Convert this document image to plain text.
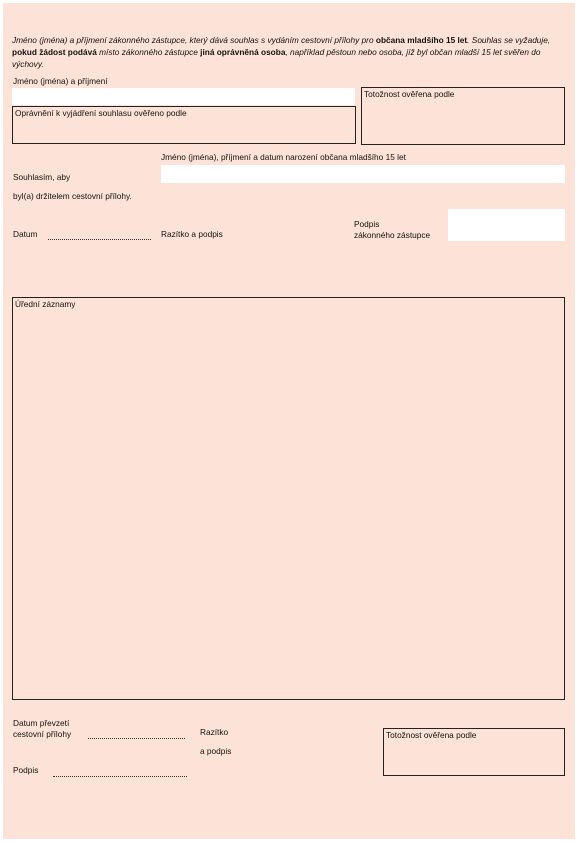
Jméno (jména) a příjmení zákonného zástupce, který dává souhlas s vydáním cestovní přílohy pro občana mladšího 15 let. Souhlas se vyžaduje, pokud žádost podává místo zákonného zástupce jiná oprávněná osoba, například pěstoun nebo osoba, jíž byl občan mladší 15 let svěřen do výchovy.
Jméno (jména) a příjmení
Oprávnění k vyjádření souhlasu ověřeno podle
Totožnost ověřena podle
Jméno (jména), příjmení a datum narození občana mladšího 15 let
Souhlasím, aby
byl(a) držitelem cestovní přílohy.
Datum	Razítko a podpis
Podpis
zákonného zástupce
Úřední záznamy
Datum převzetí
cestovní přílohy	Razítko
a podpis
Podpis
Totožnost ověřena podle
